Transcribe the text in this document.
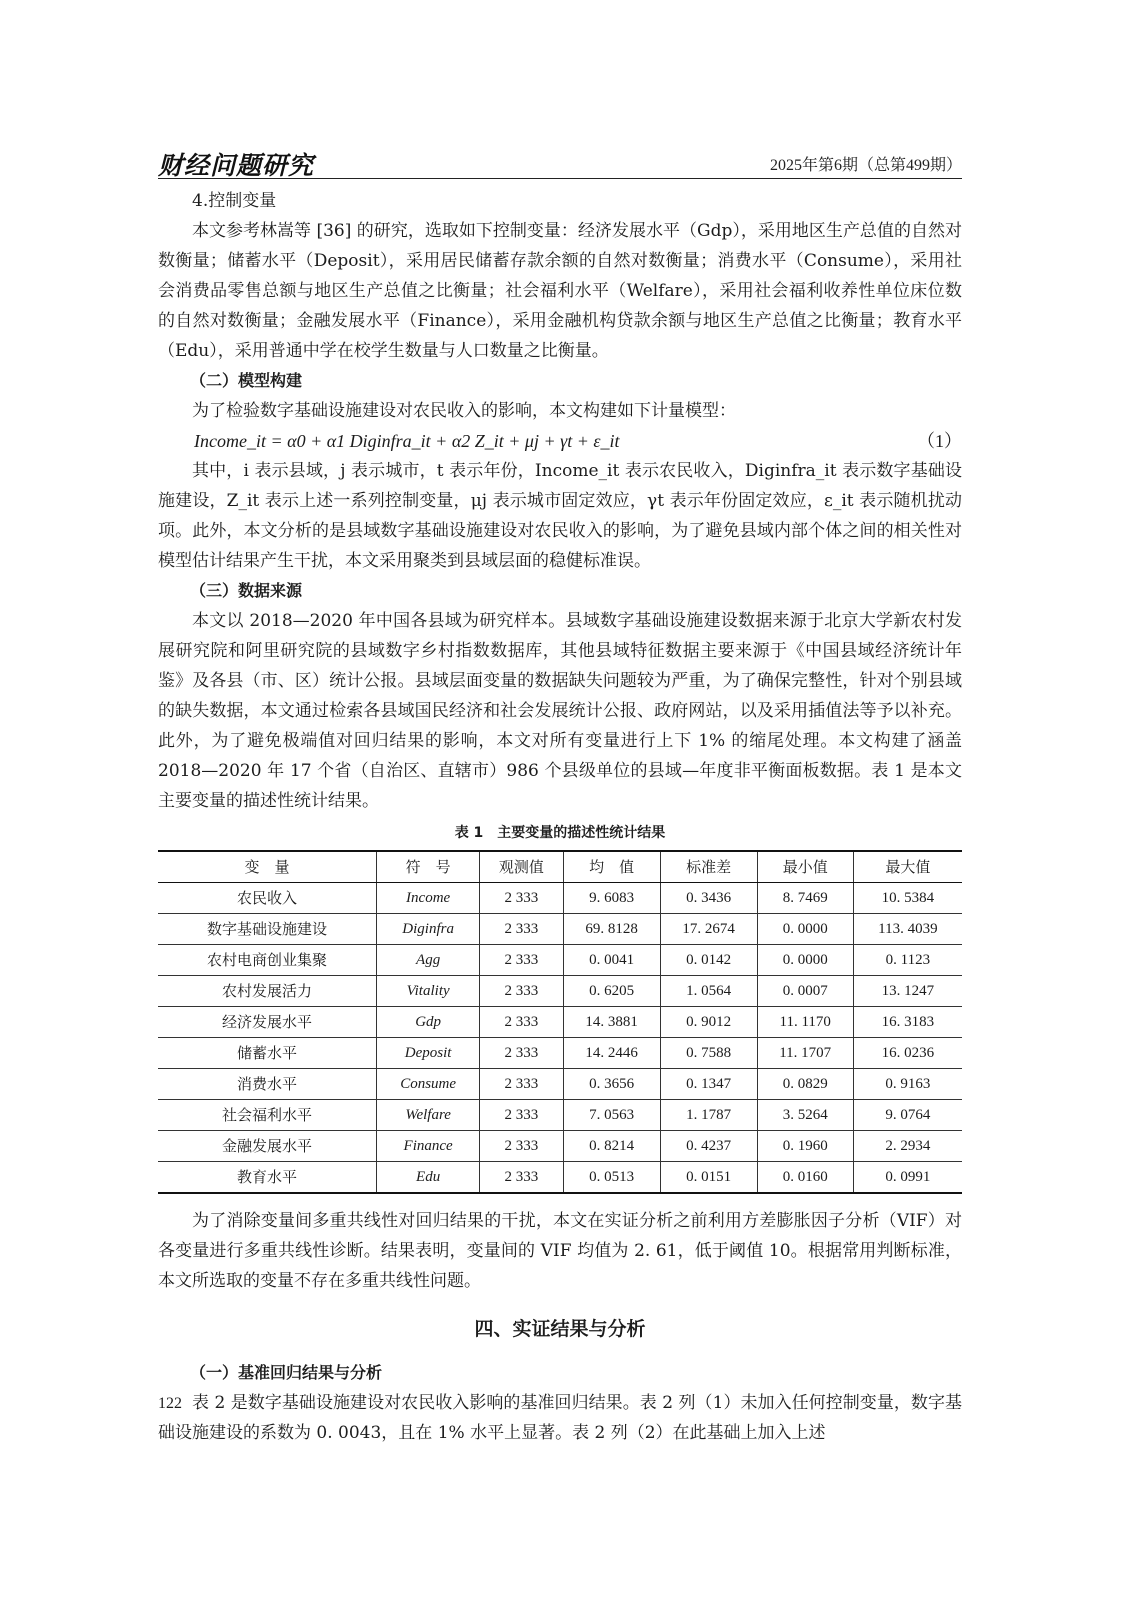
财经问题研究	2025年第6期（总第499期）

4.控制变量

本文参考林嵩等 [36] 的研究，选取如下控制变量：经济发展水平（Gdp），采用地区生产总值的自然对数衡量；储蓄水平（Deposit），采用居民储蓄存款余额的自然对数衡量；消费水平（Consume），采用社会消费品零售总额与地区生产总值之比衡量；社会福利水平（Welfare），采用社会福利收养性单位床位数的自然对数衡量；金融发展水平（Finance），采用金融机构贷款余额与地区生产总值之比衡量；教育水平（Edu），采用普通中学在校学生数量与人口数量之比衡量。

（二）模型构建

为了检验数字基础设施建设对农民收入的影响，本文构建如下计量模型：

Income_it = α0 + α1 Diginfra_it + α2 Z_it + μj + γt + ε_it	（1）

其中，i 表示县域，j 表示城市，t 表示年份，Income_it 表示农民收入，Diginfra_it 表示数字基础设施建设，Z_it 表示上述一系列控制变量，μj 表示城市固定效应，γt 表示年份固定效应，ε_it 表示随机扰动项。此外，本文分析的是县域数字基础设施建设对农民收入的影响，为了避免县域内部个体之间的相关性对模型估计结果产生干扰，本文采用聚类到县域层面的稳健标准误。

（三）数据来源

本文以 2018—2020 年中国各县域为研究样本。县域数字基础设施建设数据来源于北京大学新农村发展研究院和阿里研究院的县域数字乡村指数数据库，其他县域特征数据主要来源于《中国县域经济统计年鉴》及各县（市、区）统计公报。县域层面变量的数据缺失问题较为严重，为了确保完整性，针对个别县域的缺失数据，本文通过检索各县域国民经济和社会发展统计公报、政府网站，以及采用插值法等予以补充。此外，为了避免极端值对回归结果的影响，本文对所有变量进行上下 1% 的缩尾处理。本文构建了涵盖 2018—2020 年 17 个省（自治区、直辖市）986 个县级单位的县域—年度非平衡面板数据。表 1 是本文主要变量的描述性统计结果。

表 1　主要变量的描述性统计结果
变　量	符　号	观测值	均　值	标准差	最小值	最大值
农民收入	Income	2 333	9. 6083	0. 3436	8. 7469	10. 5384
数字基础设施建设	Diginfra	2 333	69. 8128	17. 2674	0. 0000	113. 4039
农村电商创业集聚	Agg	2 333	0. 0041	0. 0142	0. 0000	0. 1123
农村发展活力	Vitality	2 333	0. 6205	1. 0564	0. 0007	13. 1247
经济发展水平	Gdp	2 333	14. 3881	0. 9012	11. 1170	16. 3183
储蓄水平	Deposit	2 333	14. 2446	0. 7588	11. 1707	16. 0236
消费水平	Consume	2 333	0. 3656	0. 1347	0. 0829	0. 9163
社会福利水平	Welfare	2 333	7. 0563	1. 1787	3. 5264	9. 0764
金融发展水平	Finance	2 333	0. 8214	0. 4237	0. 1960	2. 2934
教育水平	Edu	2 333	0. 0513	0. 0151	0. 0160	0. 0991

为了消除变量间多重共线性对回归结果的干扰，本文在实证分析之前利用方差膨胀因子分析（VIF）对各变量进行多重共线性诊断。结果表明，变量间的 VIF 均值为 2. 61，低于阈值 10。根据常用判断标准，本文所选取的变量不存在多重共线性问题。

四、实证结果与分析
（一）基准回归结果与分析

表 2 是数字基础设施建设对农民收入影响的基准回归结果。表 2 列（1）未加入任何控制变量，数字基础设施建设的系数为 0. 0043，且在 1% 水平上显著。表 2 列（2）在此基础上加入上述

122
